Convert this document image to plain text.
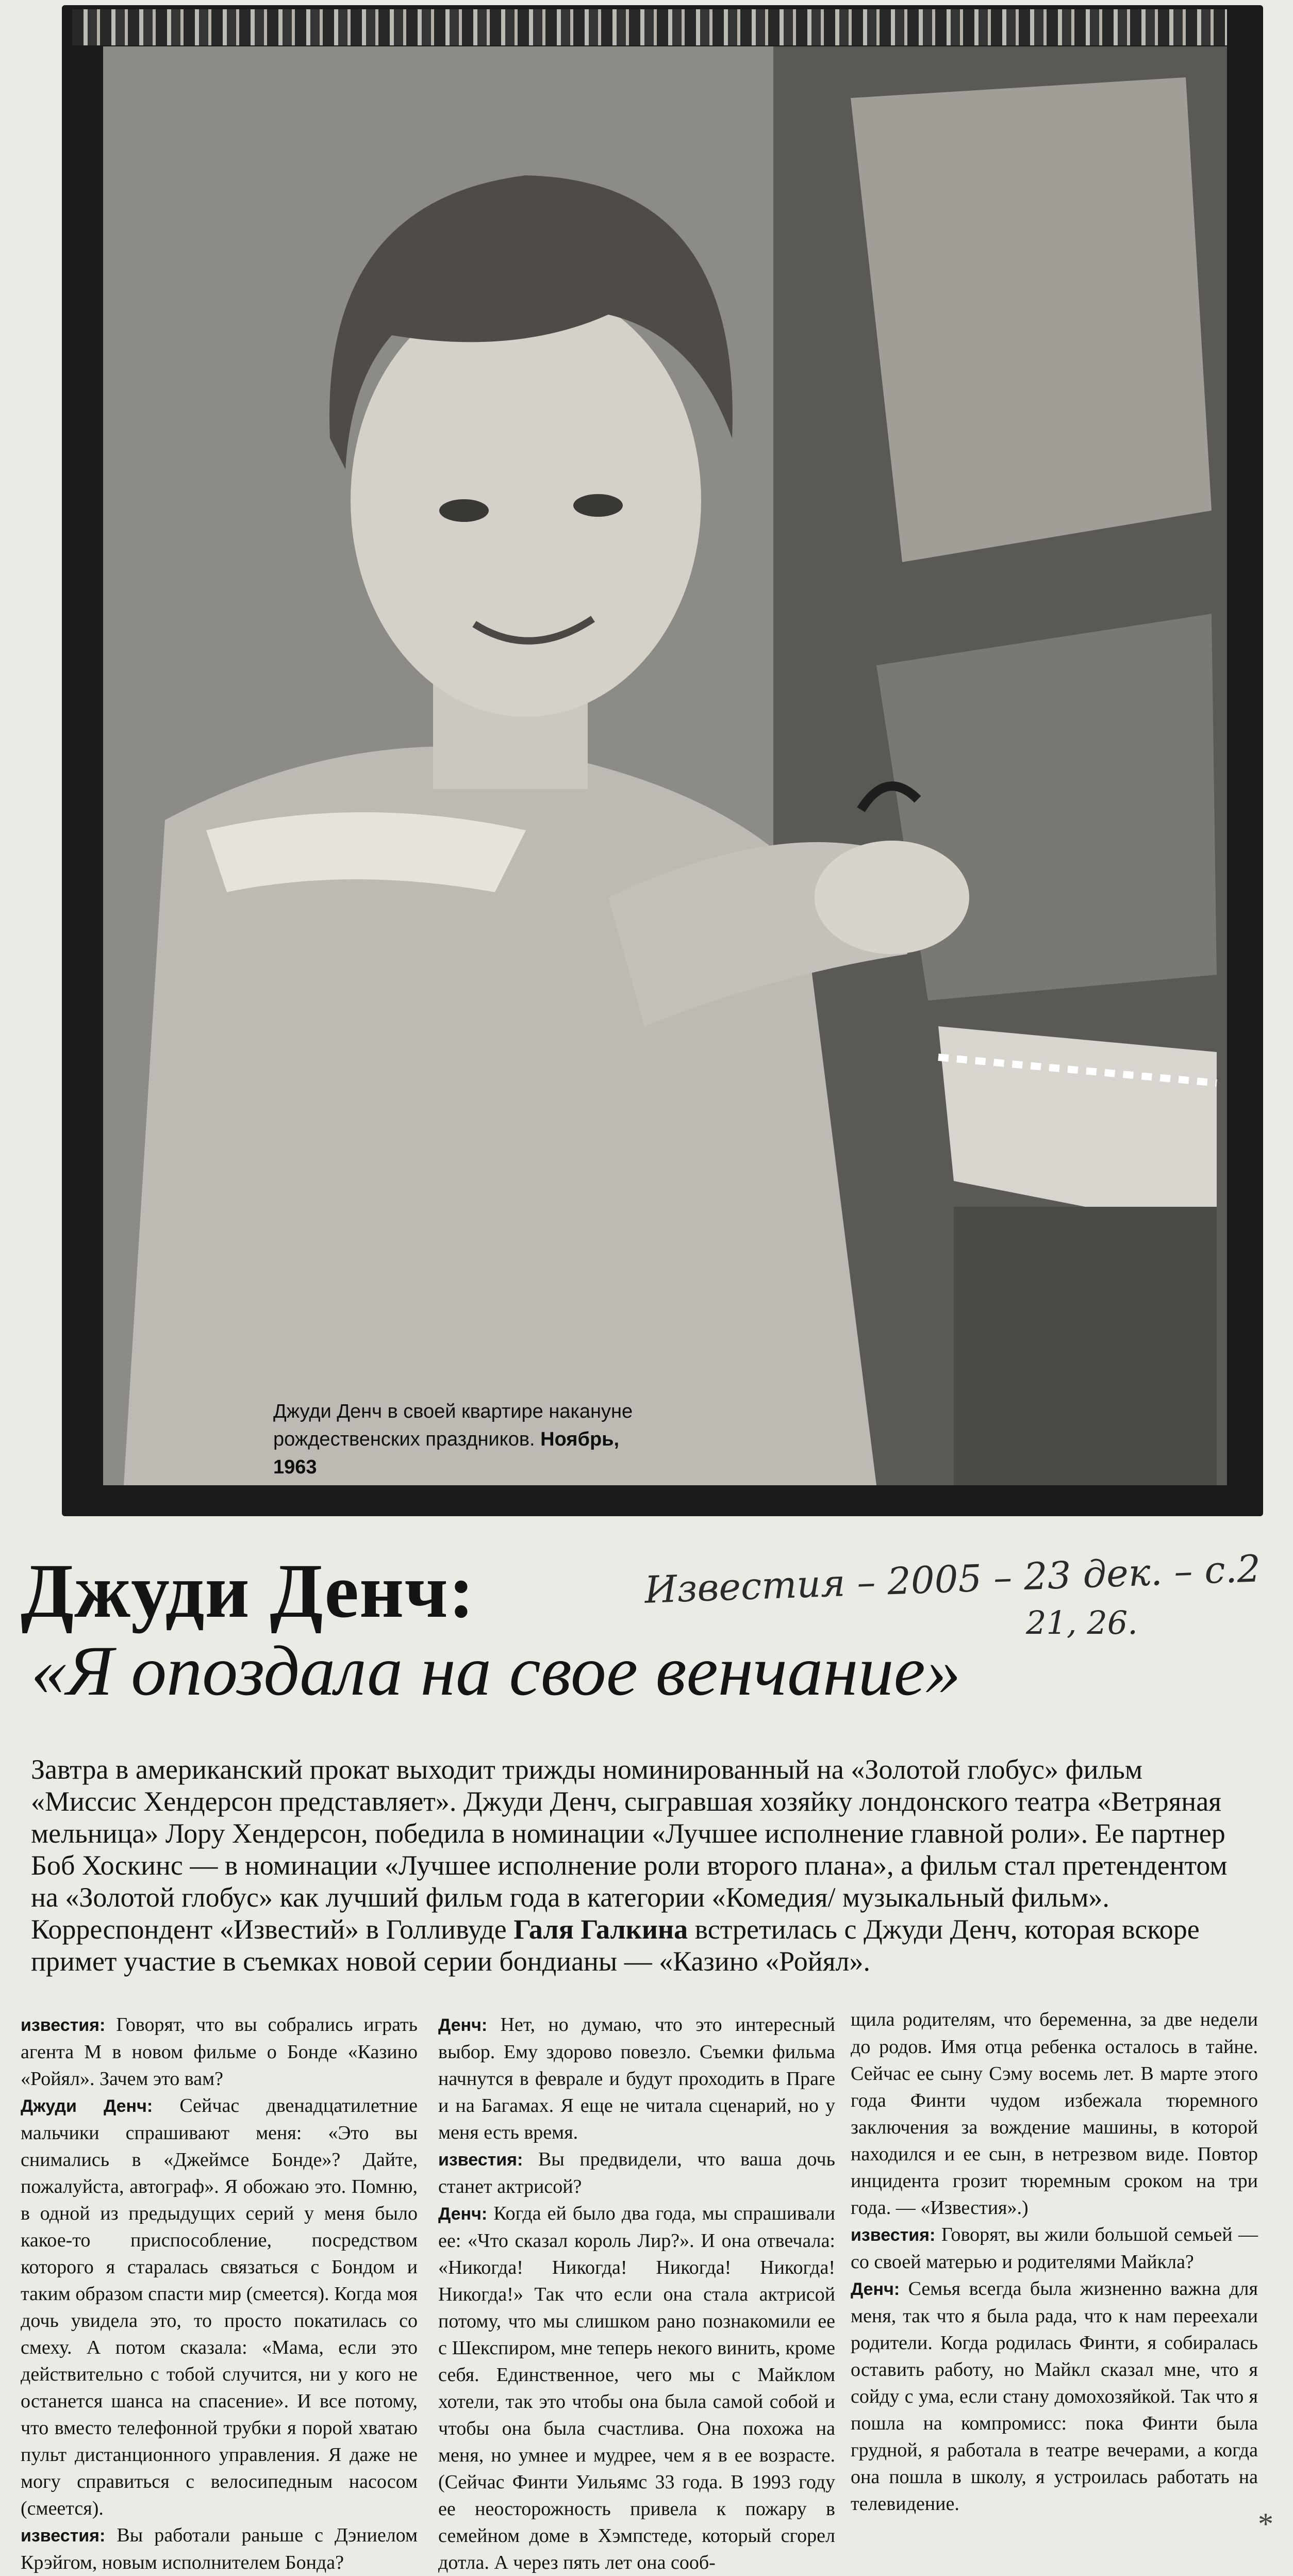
Джуди Денч в своей квартире накануне рождественских праздников. Ноябрь, 1963
Джуди Денч:	Известия – 2005 – 23 дек. – с.2
21, 26.
«Я опоздала на свое венчание»

Завтра в американский прокат выходит трижды номинированный на «Золотой глобус» фильм «Миссис Хендерсон представляет». Джуди Денч, сыгравшая хозяйку лондонского театра «Ветряная мельница» Лору Хендерсон, победила в номинации «Лучшее исполнение главной роли». Ее партнер Боб Хоскинс — в номинации «Лучшее исполнение роли второго плана», а фильм стал претендентом на «Золотой глобус» как лучший фильм года в категории «Комедия/ музыкальный фильм». Корреспондент «Известий» в Голливуде Галя Галкина встретилась с Джуди Денч, которая вскоре примет участие в съемках новой серии бондианы — «Казино «Ройял».

известия: Говорят, что вы собрались играть агента М в новом фильме о Бонде «Казино «Ройял». Зачем это вам?

Джуди Денч: Сейчас двенадцатилетние мальчики спрашивают меня: «Это вы снимались в «Джеймсе Бонде»? Дайте, пожалуйста, автограф». Я обожаю это. Помню, в одной из предыдущих серий у меня было какое-то приспособление, посредством которого я старалась связаться с Бондом и таким образом спасти мир (смеется). Когда моя дочь увидела это, то просто покатилась со смеху. А потом сказала: «Мама, если это действительно с тобой случится, ни у кого не останется шанса на спасение». И все потому, что вместо телефонной трубки я порой хватаю пульт дистанционного управления. Я даже не могу справиться с велосипедным насосом (смеется).

известия: Вы работали раньше с Дэниелом Крэйгом, новым исполнителем Бонда?

Денч: Нет, но думаю, что это интересный выбор. Ему здорово повезло. Съемки фильма начнутся в феврале и будут проходить в Праге и на Багамах. Я еще не читала сценарий, но у меня есть время.

известия: Вы предвидели, что ваша дочь станет актрисой?

Денч: Когда ей было два года, мы спрашивали ее: «Что сказал король Лир?». И она отвечала: «Никогда! Никогда! Никогда! Никогда! Никогда!» Так что если она стала актрисой потому, что мы слишком рано познакомили ее с Шекспиром, мне теперь некого винить, кроме себя. Единственное, чего мы с Майклом хотели, так это чтобы она была самой собой и чтобы она была счастлива. Она похожа на меня, но умнее и мудрее, чем я в ее возрасте. (Сейчас Финти Уильямс 33 года. В 1993 году ее неосторожность привела к пожару в семейном доме в Хэмпстеде, который сгорел дотла. А через пять лет она сооб-

щила родителям, что беременна, за две недели до родов. Имя отца ребенка осталось в тайне. Сейчас ее сыну Сэму восемь лет. В марте этого года Финти чудом избежала тюремного заключения за вождение машины, в которой находился и ее сын, в нетрезвом виде. Повтор инцидента грозит тюремным сроком на три года. — «Известия».)

известия: Говорят, вы жили большой семьей — со своей матерью и родителями Майкла?

Денч: Семья всегда была жизненно важна для меня, так что я была рада, что к нам переехали родители. Когда родилась Финти, я собиралась оставить работу, но Майкл сказал мне, что я сойду с ума, если стану домохозяйкой. Так что я пошла на компромисс: пока Финти была грудной, я работала в театре вечерами, а когда она пошла в школу, я устроилась работать на телевидение.

*
